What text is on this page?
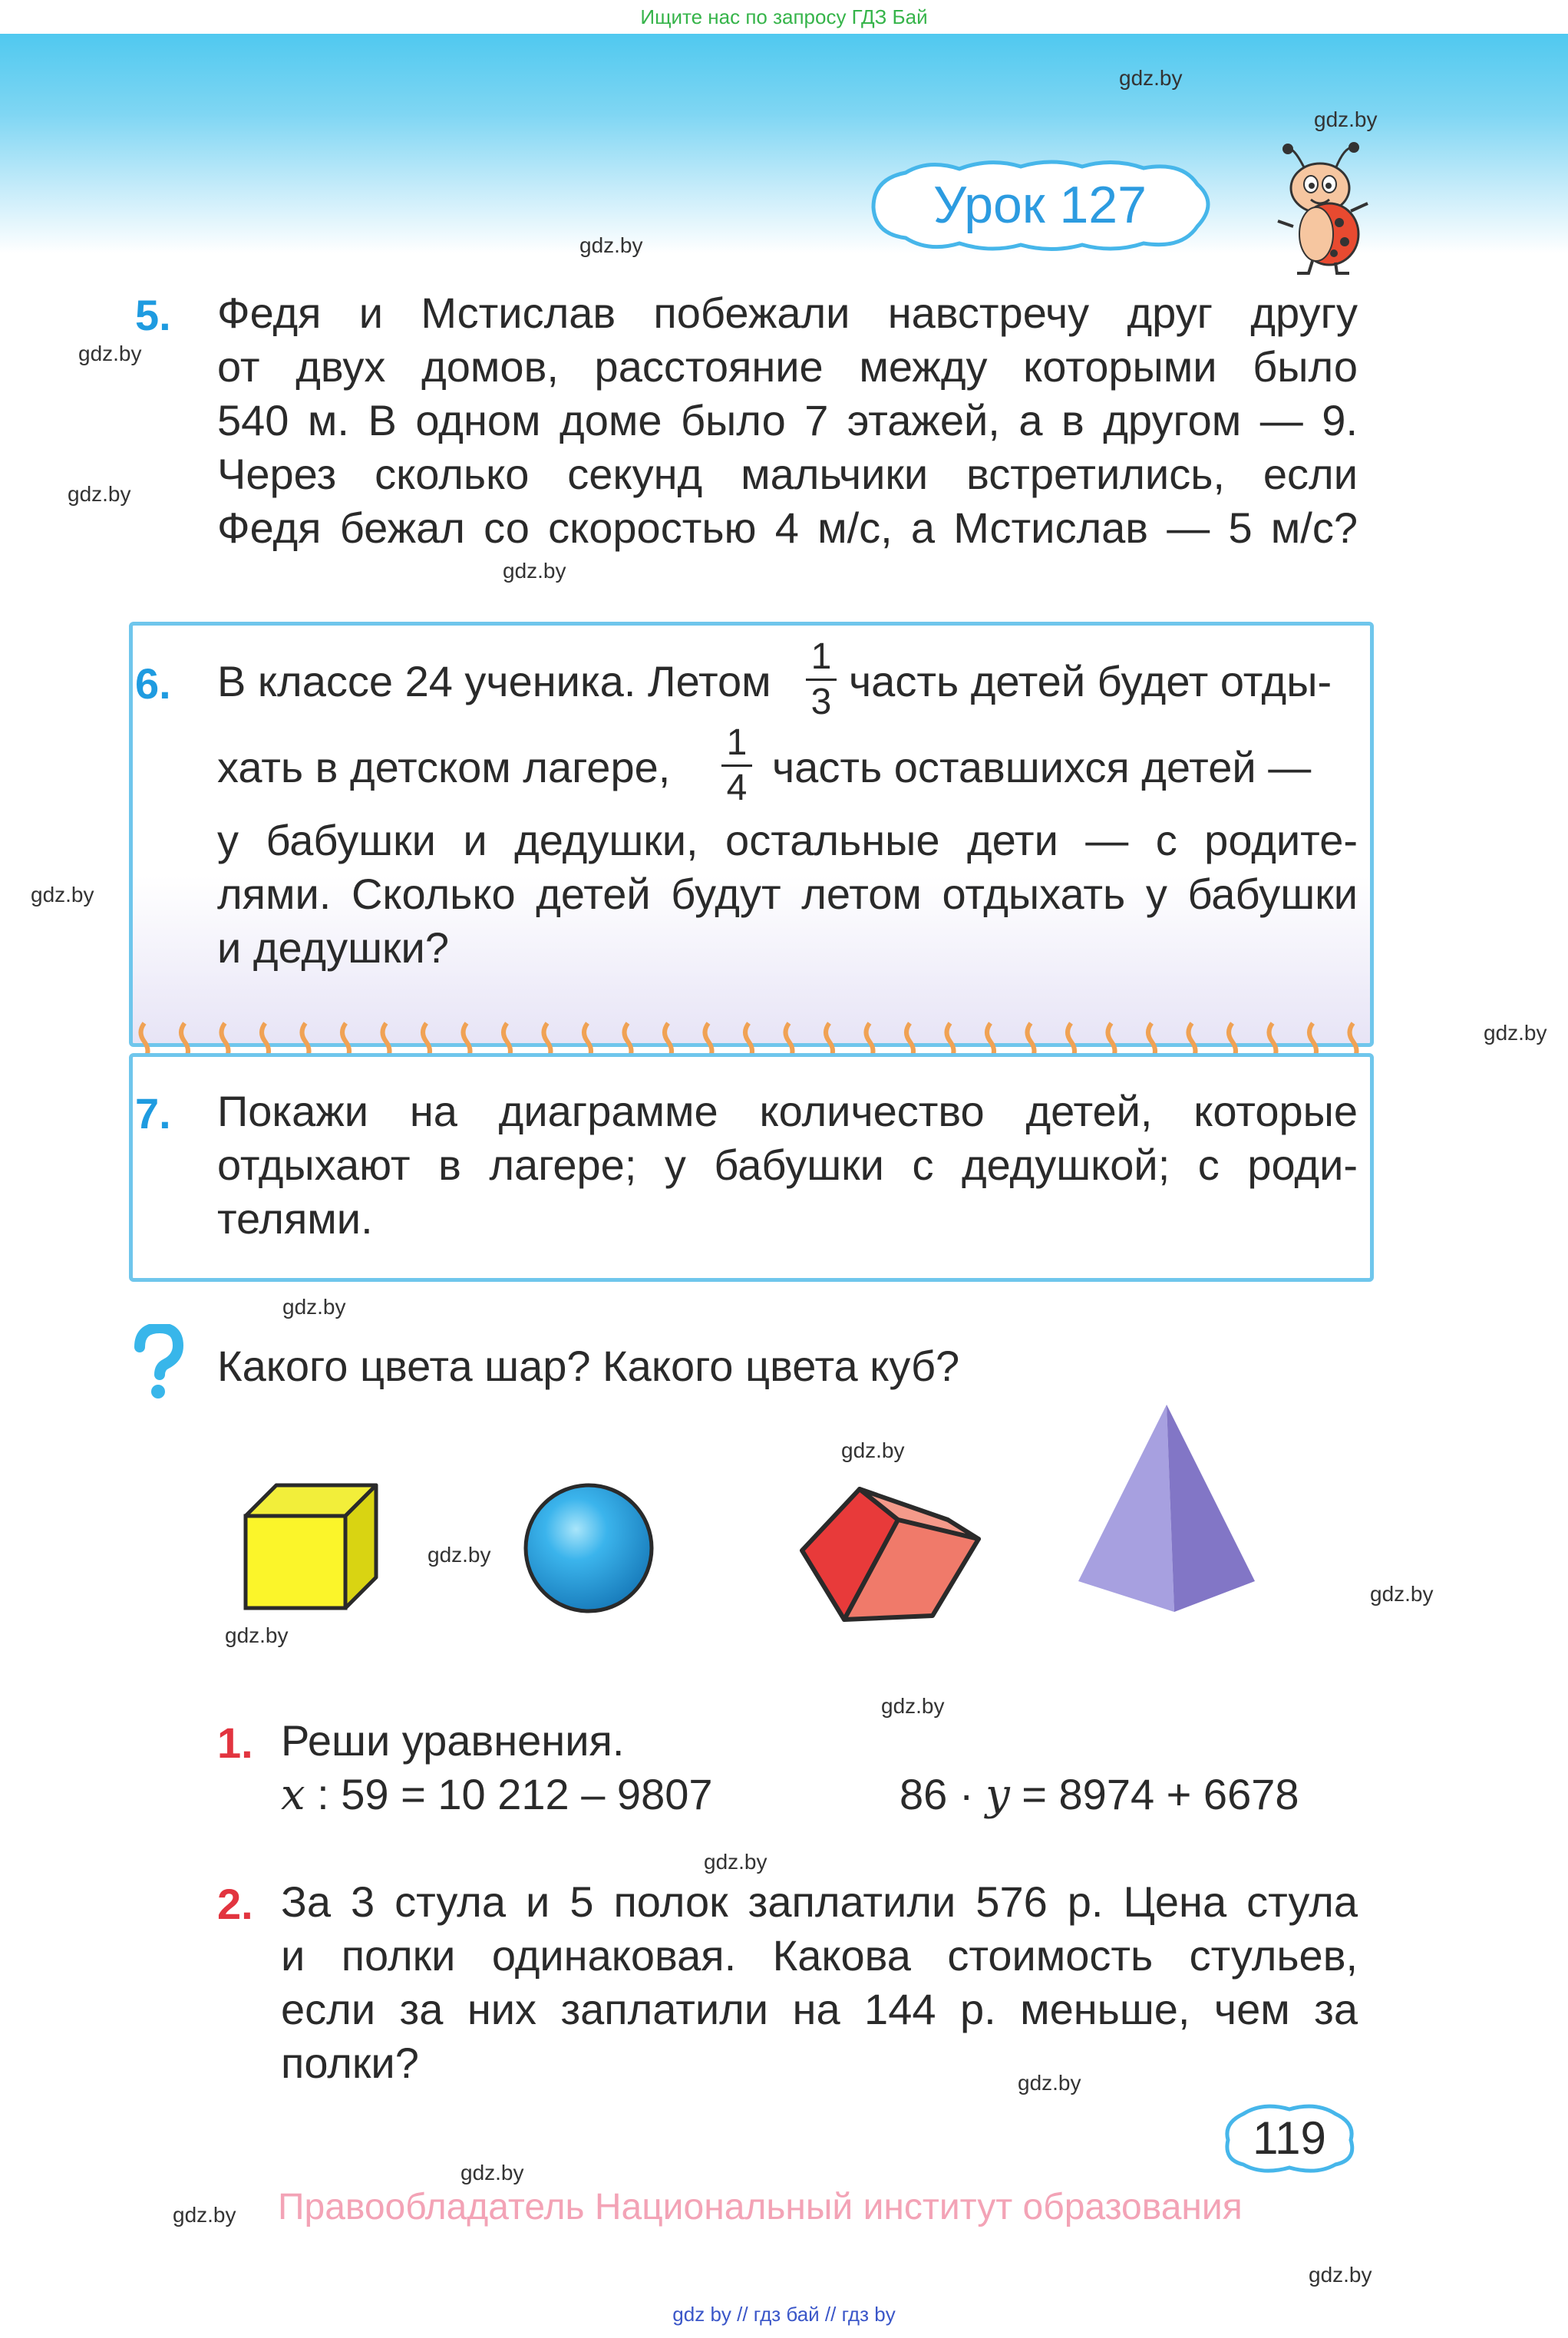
Ищите нас по запросу ГДЗ Бай
gdz.by
gdz.by
gdz.by
gdz.by
gdz.by
gdz.by
gdz.by
gdz.by
gdz.by
gdz.by
gdz.by
gdz.by
gdz.by
gdz.by
gdz.by
gdz.by
gdz.by
gdz.by
gdz.by
Урок 127
5. Федя и Мстислав побежали навстречу друг другу
от двух домов, расстояние между которыми было
540 м. В одном доме было 7 этажей, а в другом — 9.
Через сколько секунд мальчики встретились, если
Федя бежал со скоростью 4 м/с, а Мстислав — 5 м/с?
6. В классе 24 ученика. Летом
1
3 часть детей будет отды-
хать в детском лагере,
1
4 часть оставшихся детей —
у бабушки и дедушки, остальные дети — с родите-
лями. Сколько детей будут летом отдыхать у бабушки
и дедушки?
7. Покажи на диаграмме количество детей, которые
отдыхают в лагере; у бабушки с дедушкой; с роди-
телями.
Какого цвета шар? Какого цвета куб?
1. Реши уравнения.
x : 59 = 10 212 – 9807	86 · y = 8974 + 6678
2. За 3 стула и 5 полок заплатили 576 р. Цена стула
и полки одинаковая. Какова стоимость стульев,
если за них заплатили на 144 р. меньше, чем за
полки?
119
Правообладатель Национальный институт образования
gdz by // гдз бай // гдз by
